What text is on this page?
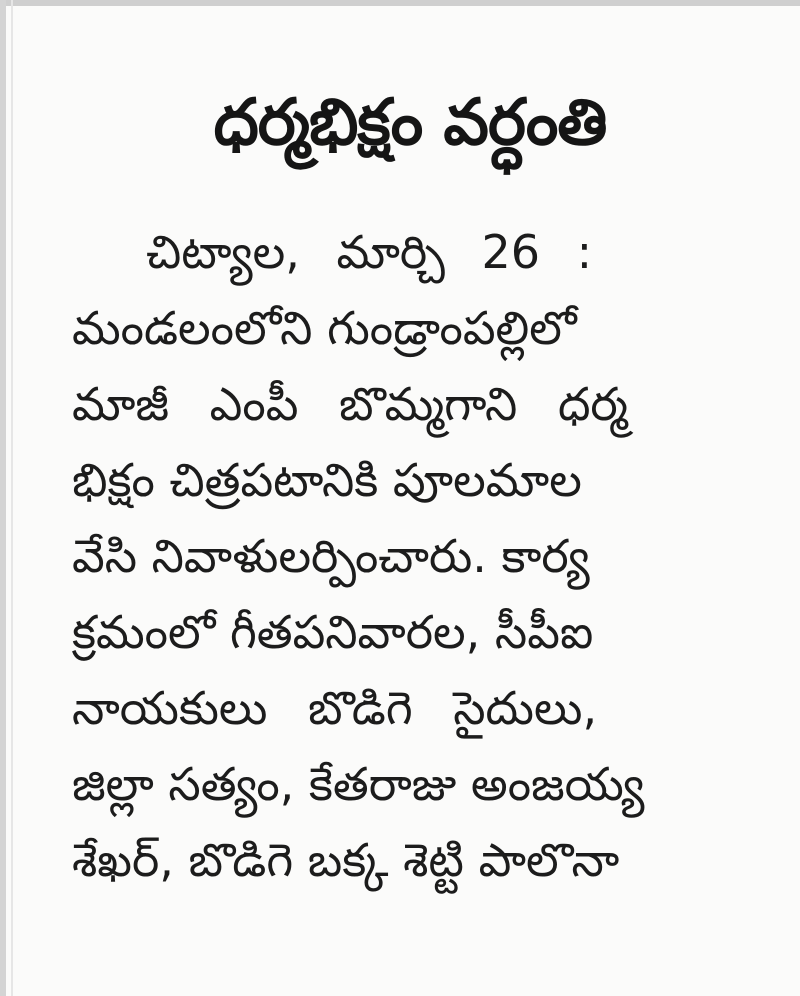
ధర్మభిక్షం వర్ధంతి
చిట్యాల, మార్చి 26 :
మండలంలోని గుండ్రాంపల్లిలో
మాజీ ఎంపీ బొమ్మగాని ధర్మ
భిక్షం చిత్రపటానికి పూలమాల
వేసి నివాళులర్పించారు. కార్య
క్రమంలో గీతపనివారల, సీపీఐ
నాయకులు బొడిగె సైదులు,
జిల్లా సత్యం, కేతరాజు అంజయ్య
శేఖర్, బొడిగె బక్క శెట్టి పాలొనా
